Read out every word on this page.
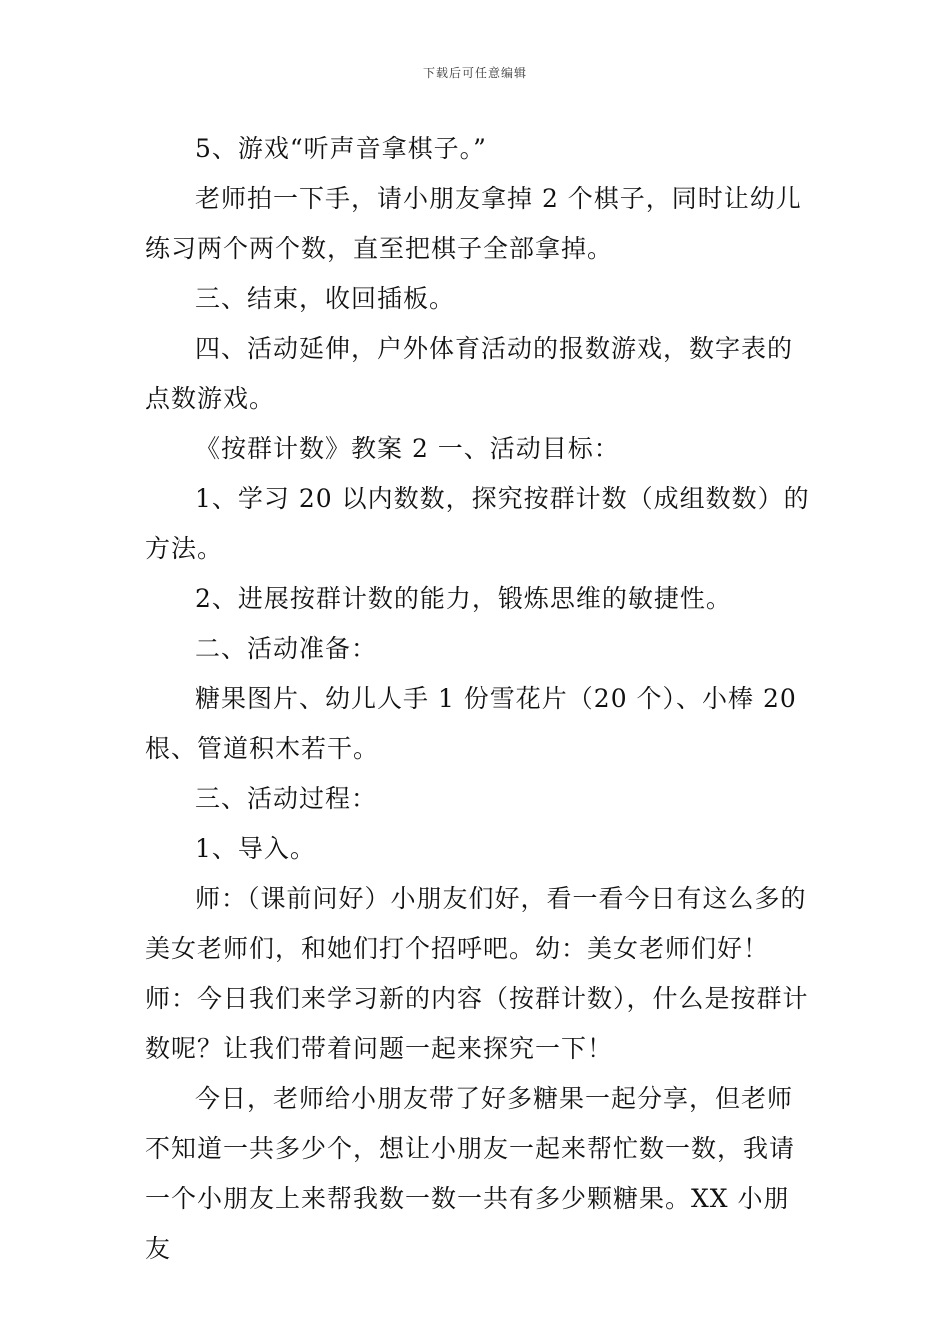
下载后可任意编辑

5、游戏“听声音拿棋子。”

老师拍一下手，请小朋友拿掉 2 个棋子，同时让幼儿练习两个两个数，直至把棋子全部拿掉。

三、结束，收回插板。

四、活动延伸，户外体育活动的报数游戏，数字表的点数游戏。

《按群计数》教案 2 一、活动目标：

1、学习 20 以内数数，探究按群计数（成组数数）的方法。

2、进展按群计数的能力，锻炼思维的敏捷性。

二、活动准备：

糖果图片、幼儿人手 1 份雪花片（20 个）、小棒 20 根、管道积木若干。

三、活动过程：

1、导入。

师：（课前问好）小朋友们好，看一看今日有这么多的美女老师们，和她们打个招呼吧。幼：美女老师们好！师：今日我们来学习新的内容（按群计数），什么是按群计数呢？让我们带着问题一起来探究一下！

今日，老师给小朋友带了好多糖果一起分享，但老师不知道一共多少个，想让小朋友一起来帮忙数一数，我请一个小朋友上来帮我数一数一共有多少颗糖果。XX 小朋友
